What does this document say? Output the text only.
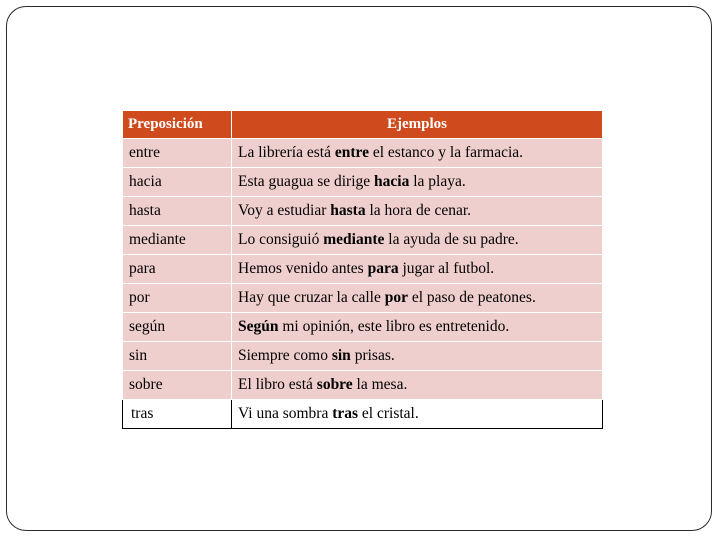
Preposición	Ejemplos
entre	La librería está entre el estanco y la farmacia.
hacia	Esta guagua se dirige hacia la playa.
hasta	Voy a estudiar hasta la hora de cenar.
mediante	Lo consiguió mediante la ayuda de su padre.
para	Hemos venido antes para jugar al futbol.
por	Hay que cruzar la calle por el paso de peatones.
según	Según mi opinión, este libro es entretenido.
sin	Siempre como sin prisas.
sobre	El libro está sobre la mesa.
tras	Vi una sombra tras el cristal.
